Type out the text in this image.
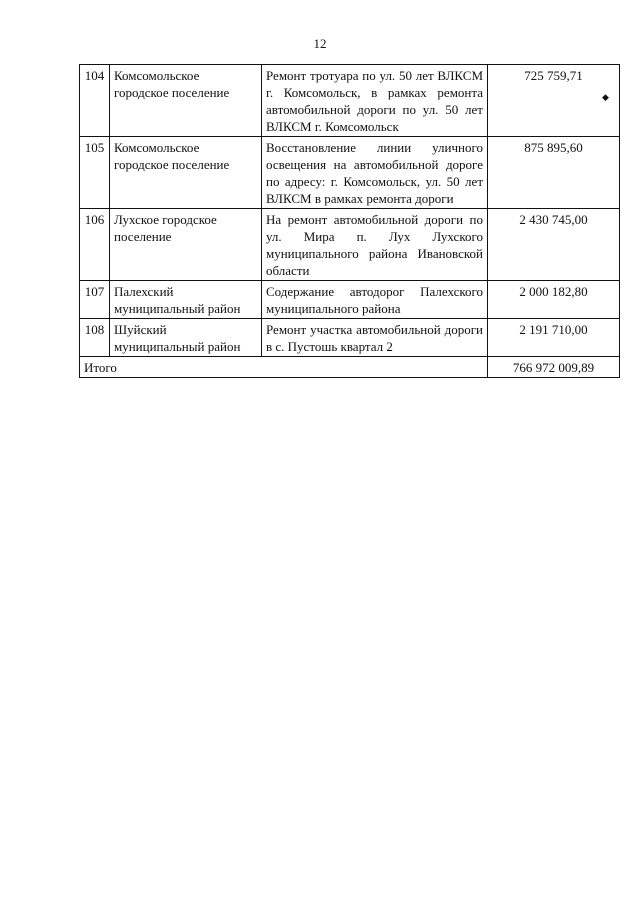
12
104	Комсомольское городское поселение	Ремонт тротуара по ул. 50 лет ВЛКСМ г. Комсомольск, в рамках ремонта автомобильной дороги по ул. 50 лет ВЛКСМ г. Комсомольск	725 759,71
105	Комсомольское городское поселение	Восстановление линии уличного освещения на автомобильной дороге по адресу: г. Комсомольск, ул. 50 лет ВЛКСМ в рамках ремонта дороги	875 895,60
106	Лухское городское поселение	На ремонт автомобильной дороги по ул. Мира п. Лух Лухского муниципального района Ивановской области	2 430 745,00
107	Палехский муниципальный район	Содержание автодорог Палехского муниципального района	2 000 182,80
108	Шуйский муниципальный район	Ремонт участка автомобильной дороги в с. Пустошь квартал 2	2 191 710,00
Итого			766 972 009,89
◆
